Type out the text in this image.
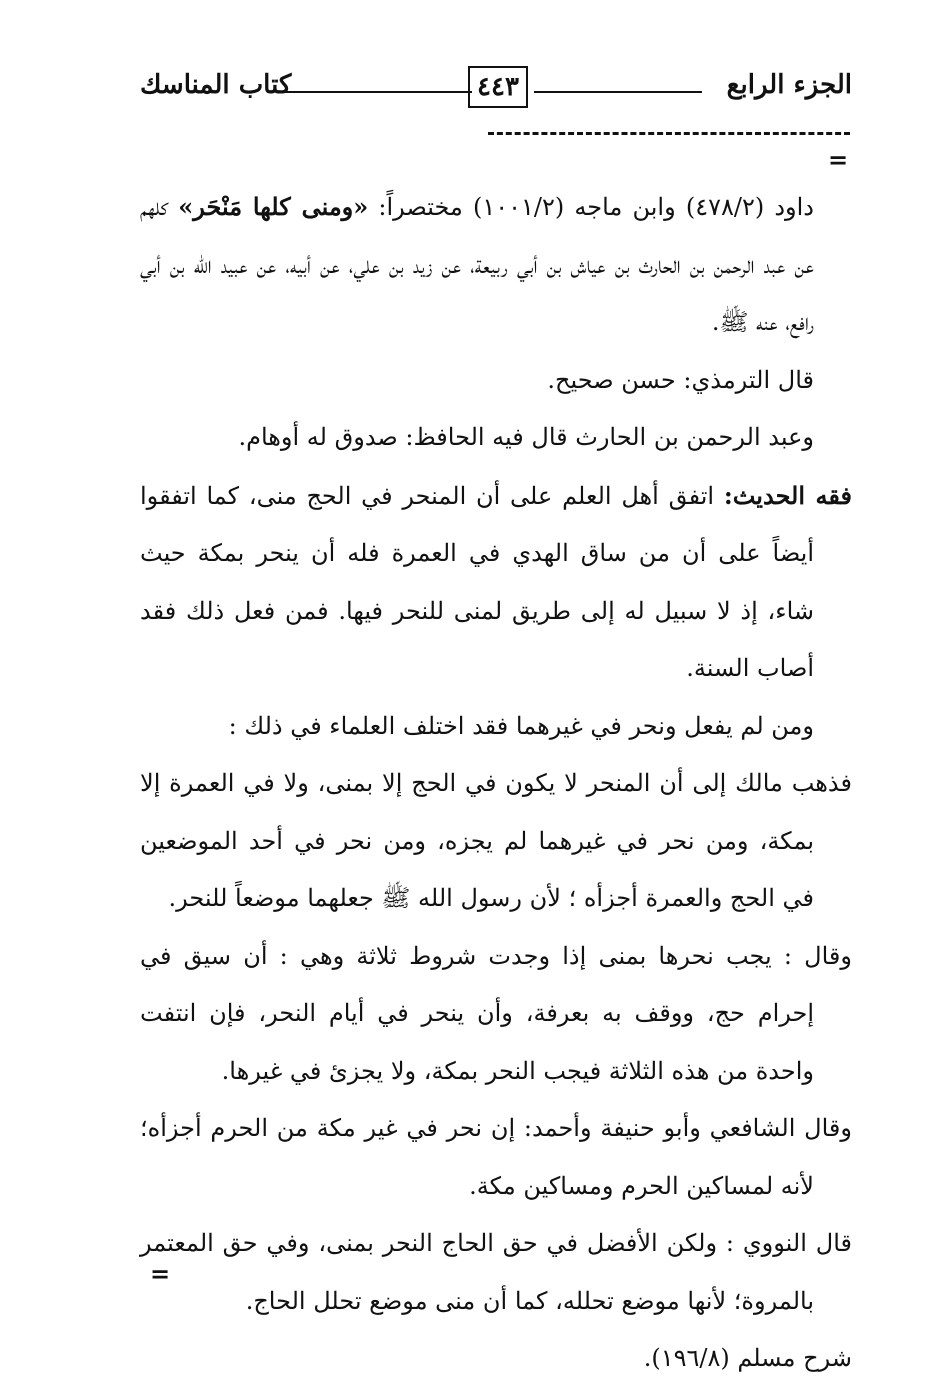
الجزء الرابع
٤٤٣
كتاب المناسك
=

داود (٤٧٨/٢) وابن ماجه (١٠٠١/٢) مختصراً: «ومنى كلها مَنْحَر» كلهم عن عبد الرحمن بن الحارث بن عياش بن أبي ربيعة، عن زيد بن علي، عن أبيه، عن عبيد الله بن أبي رافع، عنه ﷺ.

قال الترمذي: حسن صحيح.

وعبد الرحمن بن الحارث قال فيه الحافظ: صدوق له أوهام.

فقه الحديث: اتفق أهل العلم على أن المنحر في الحج منى، كما اتفقوا أيضاً على أن من ساق الهدي في العمرة فله أن ينحر بمكة حيث شاء، إذ لا سبيل له إلى طريق لمنى للنحر فيها. فمن فعل ذلك فقد أصاب السنة.

ومن لم يفعل ونحر في غيرهما فقد اختلف العلماء في ذلك :

فذهب مالك إلى أن المنحر لا يكون في الحج إلا بمنى، ولا في العمرة إلا بمكة، ومن نحر في غيرهما لم يجزه، ومن نحر في أحد الموضعين في الحج والعمرة أجزأه ؛ لأن رسول الله ﷺ جعلهما موضعاً للنحر.

وقال : يجب نحرها بمنى إذا وجدت شروط ثلاثة وهي : أن سيق في إحرام حج، ووقف به بعرفة، وأن ينحر في أيام النحر، فإن انتفت واحدة من هذه الثلاثة فيجب النحر بمكة، ولا يجزئ في غيرها.

وقال الشافعي وأبو حنيفة وأحمد: إن نحر في غير مكة من الحرم أجزأه؛ لأنه لمساكين الحرم ومساكين مكة.

قال النووي : ولكن الأفضل في حق الحاج النحر بمنى، وفي حق المعتمر بالمروة؛ لأنها موضع تحلله، كما أن منى موضع تحلل الحاج.

شرح مسلم (١٩٦/٨).

=
